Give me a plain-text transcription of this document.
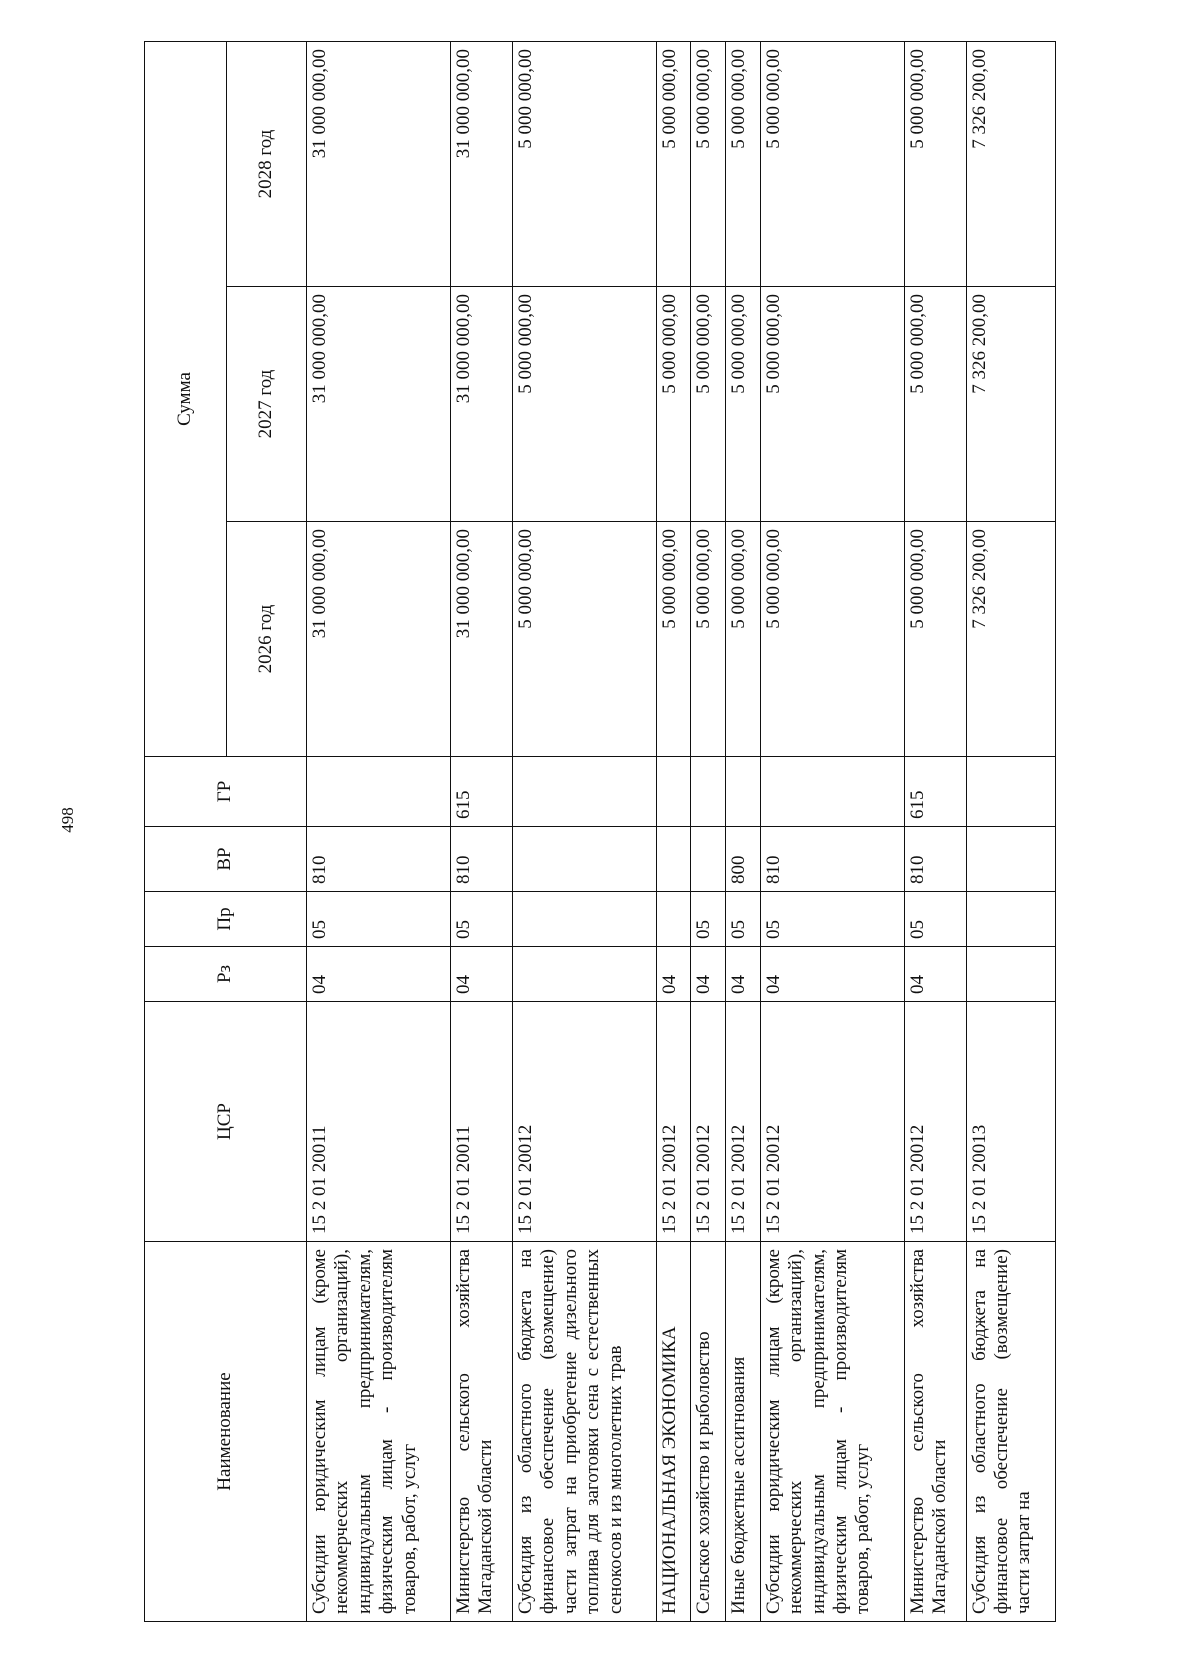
498
Наименование	ЦСР	Рз	Пр	ВР	ГР	Сумма		
						2026 год	2027 год	2028 год
Субсидии юридическим лицам (кроме некоммерческих организаций), индивидуальным предпринимателям, физическим лицам - производителям товаров, работ, услуг	15 2 01 20011	04	05	810		31 000 000,00	31 000 000,00	31 000 000,00
Министерство сельского хозяйства Магаданской области	15 2 01 20011	04	05	810	615	31 000 000,00	31 000 000,00	31 000 000,00
Субсидия из областного бюджета на финансовое обеспечение (возмещение) части затрат на приобретение дизельного топлива для заготовки сена с естественных сенокосов и из многолетних трав	15 2 01 20012					5 000 000,00	5 000 000,00	5 000 000,00
НАЦИОНАЛЬНАЯ ЭКОНОМИКА	15 2 01 20012	04				5 000 000,00	5 000 000,00	5 000 000,00
Сельское хозяйство и рыболовство	15 2 01 20012	04	05			5 000 000,00	5 000 000,00	5 000 000,00
Иные бюджетные ассигнования	15 2 01 20012	04	05	800		5 000 000,00	5 000 000,00	5 000 000,00
Субсидии юридическим лицам (кроме некоммерческих организаций), индивидуальным предпринимателям, физическим лицам - производителям товаров, работ, услуг	15 2 01 20012	04	05	810		5 000 000,00	5 000 000,00	5 000 000,00
Министерство сельского хозяйства Магаданской области	15 2 01 20012	04	05	810	615	5 000 000,00	5 000 000,00	5 000 000,00
Субсидия из областного бюджета на финансовое обеспечение (возмещение) части затрат на	15 2 01 20013					7 326 200,00	7 326 200,00	7 326 200,00
